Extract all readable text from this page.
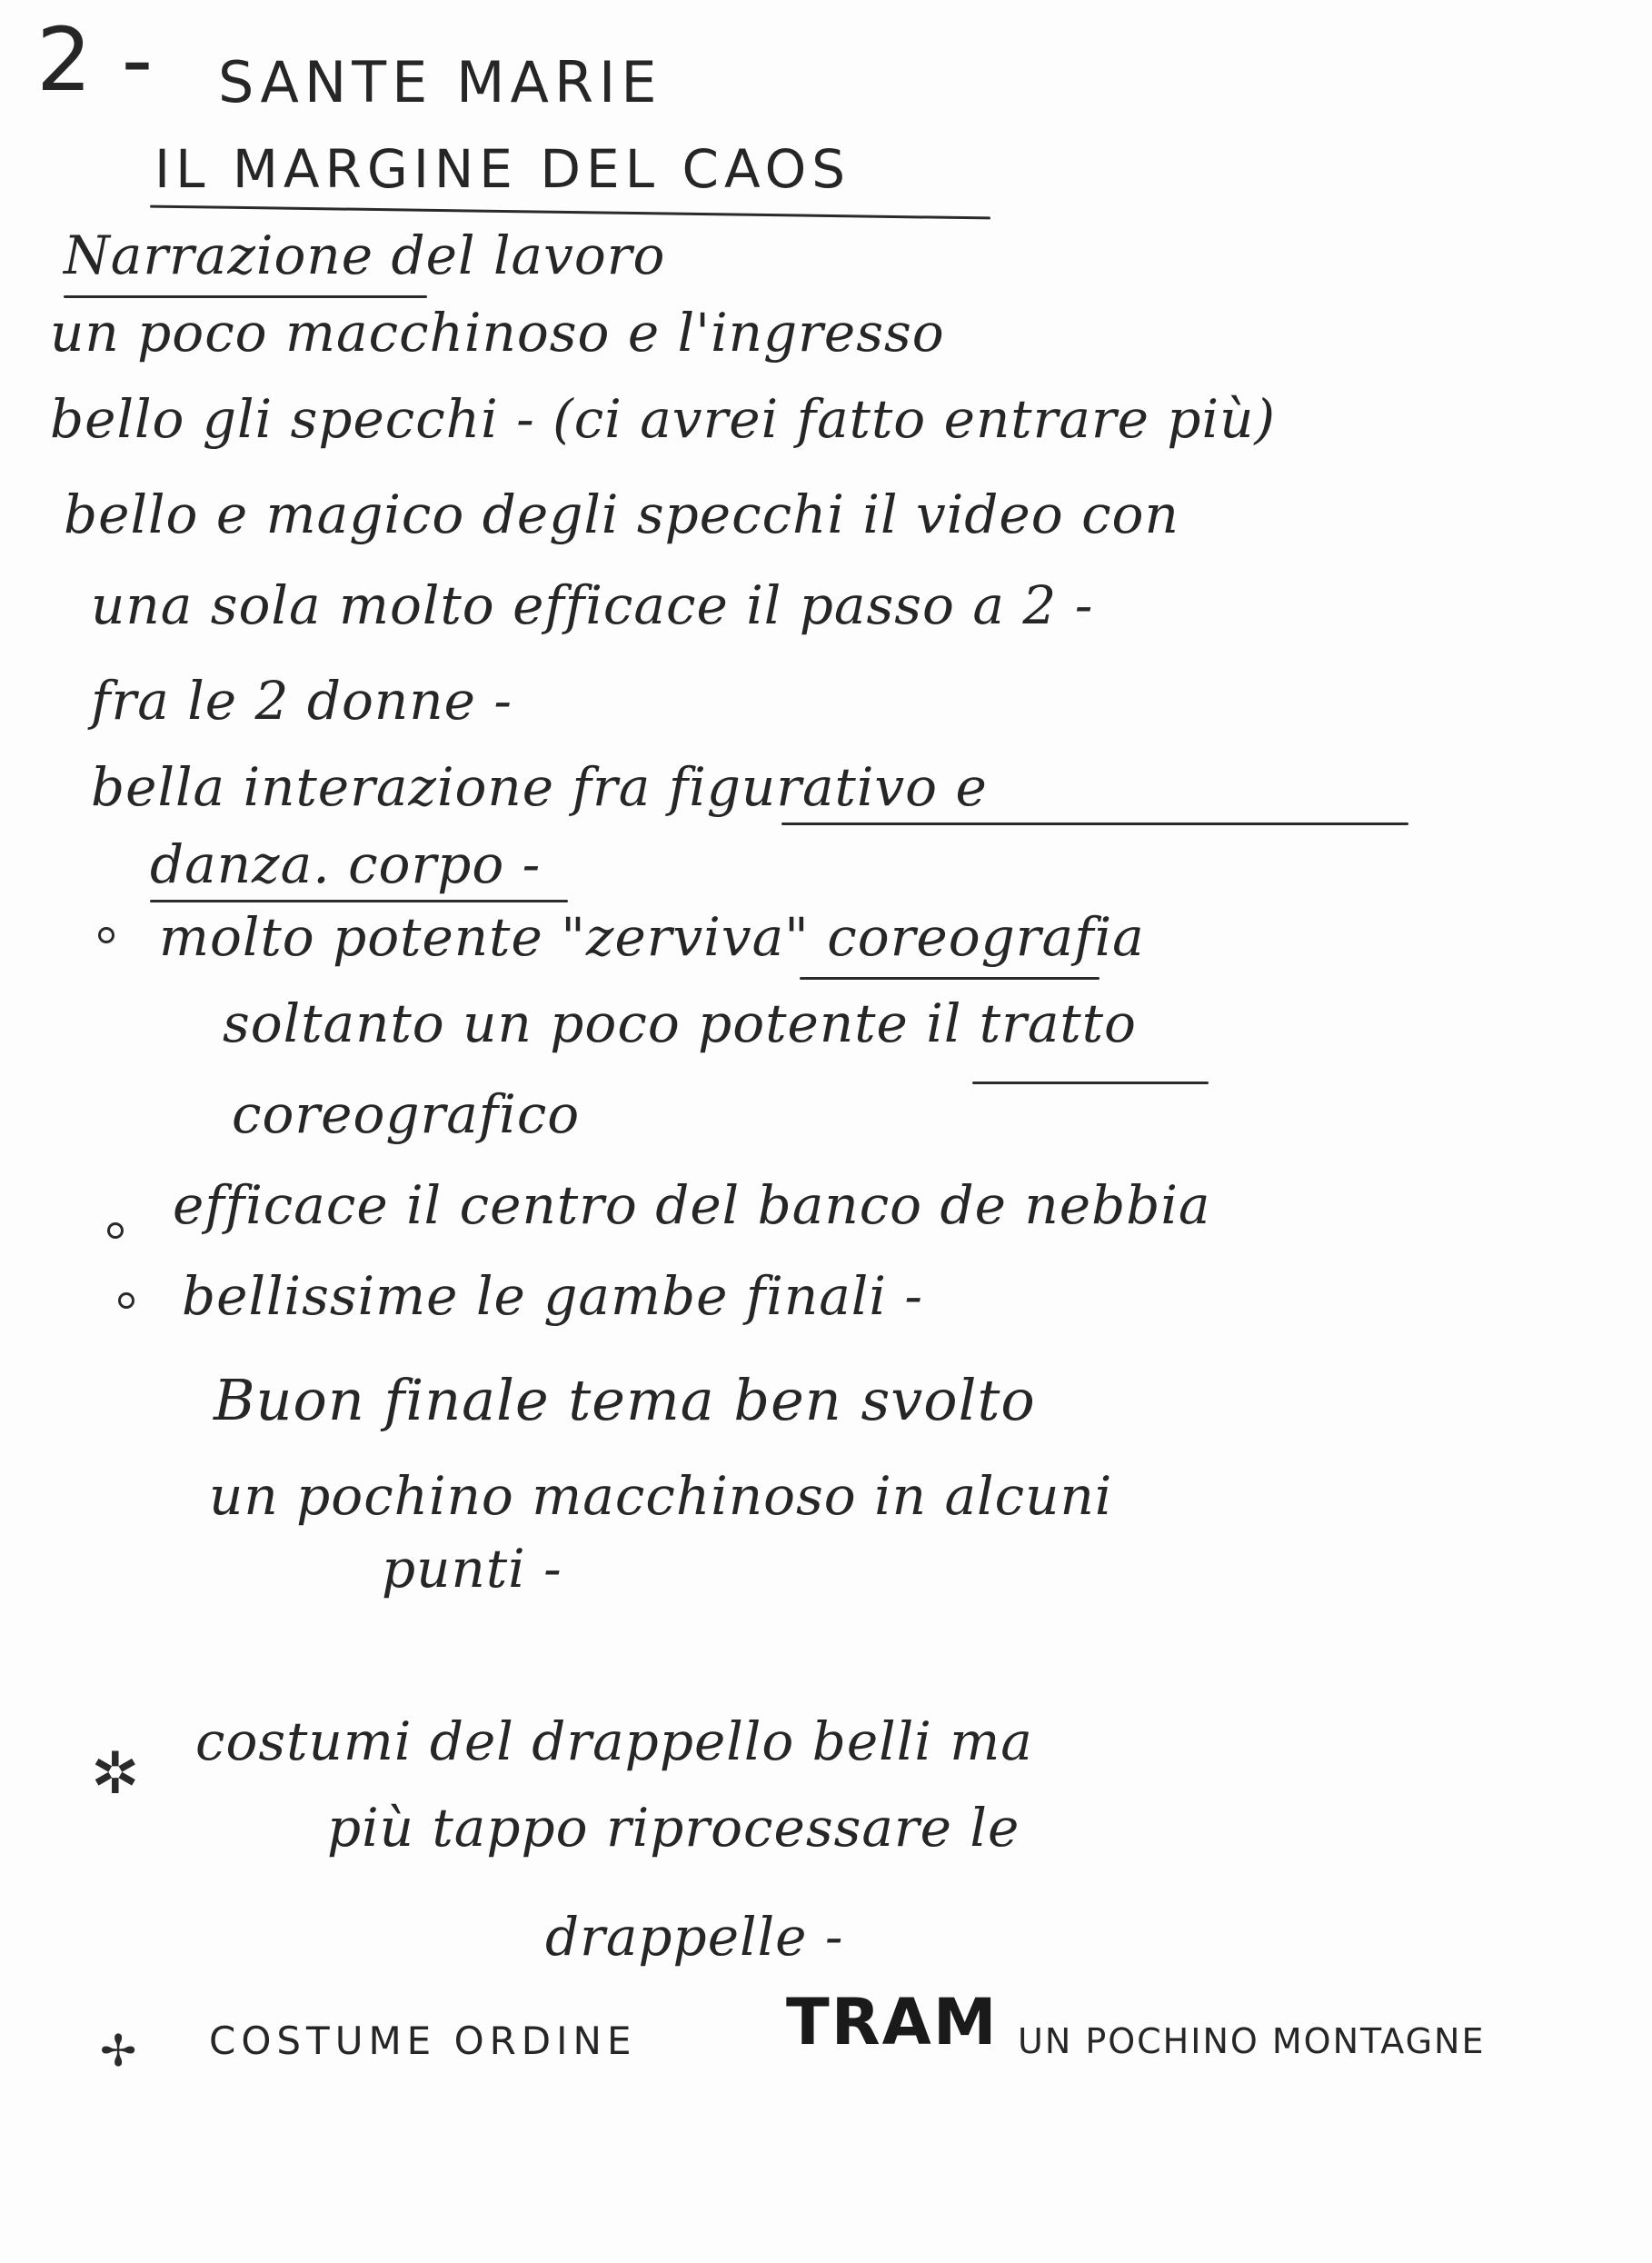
2 - SANTE MARIE
IL MARGINE DEL CAOS
Narrazione del lavoro
un poco macchinoso e l'ingresso
bello gli specchi - (ci avrei fatto entrare più)
bello e magico degli specchi il video con
una sola molto efficace il passo a 2 -
fra le 2 donne -
bella interazione fra figurativo e
danza. corpo -
molto potente "zerviva" coreografia
soltanto un poco potente il tratto
coreografico
efficace il centro del banco de nebbia
bellissime le gambe finali -
Buon finale tema ben svolto
un pochino macchinoso in alcuni
punti -
✲ costumi del drappello belli ma
più tappo riprocessare le
drappelle -
✢ COSTUME ORDINE TRAM UN POCHINO MONTAGNE
